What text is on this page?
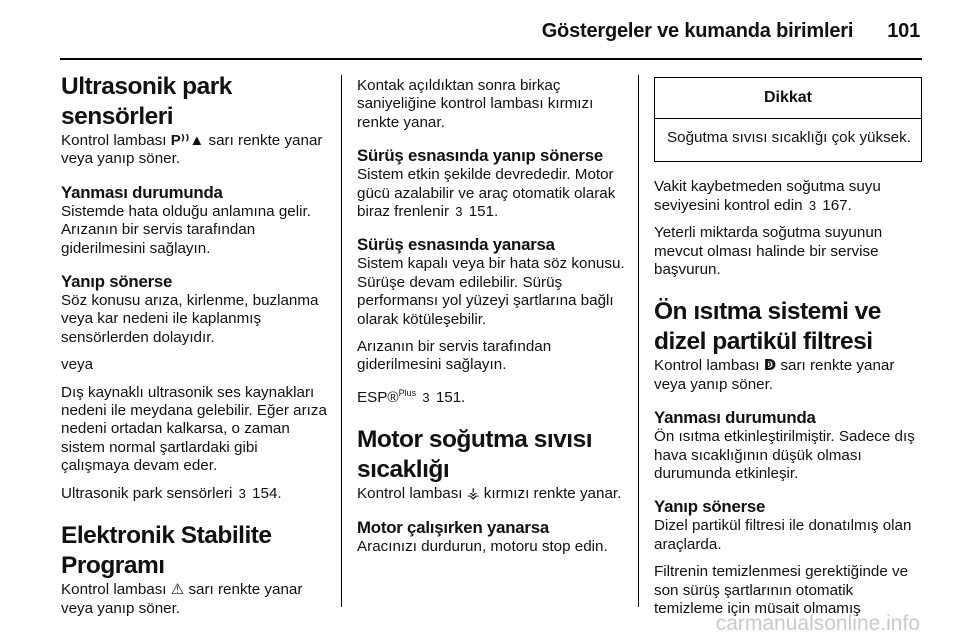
Göstergeler ve kumanda birimleri 101
Ultrasonik park sensörleri

Kontrol lambası P⁾⁾▲ sarı renkte yanar veya yanıp söner.

Yanması durumunda

Sistemde hata olduğu anlamına gelir. Arızanın bir servis tarafından giderilmesini sağlayın.

Yanıp sönerse

Söz konusu arıza, kirlenme, buzlanma veya kar nedeni ile kaplanmış sensörlerden dolayıdır.

veya

Dış kaynaklı ultrasonik ses kaynakları nedeni ile meydana gelebilir. Eğer arıza nedeni ortadan kalkarsa, o zaman sistem normal şartlardaki gibi çalışmaya devam eder.

Ultrasonik park sensörleri 3 154.

Elektronik Stabilite Programı

Kontrol lambası ⚠ sarı renkte yanar veya yanıp söner.

Kontak açıldıktan sonra birkaç saniyeliğine kontrol lambası kırmızı renkte yanar.

Sürüş esnasında yanıp sönerse

Sistem etkin şekilde devrededir. Motor gücü azalabilir ve araç otomatik olarak biraz frenlenir 3 151.

Sürüş esnasında yanarsa

Sistem kapalı veya bir hata söz konusu. Sürüşe devam edilebilir. Sürüş performansı yol yüzeyi şartlarına bağlı olarak kötüleşebilir.

Arızanın bir servis tarafından giderilmesini sağlayın.

ESP®$^{Plus}$ 3 151.

Motor soğutma sıvısı sıcaklığı

Kontrol lambası ⚶ kırmızı renkte yanar.

Motor çalışırken yanarsa

Aracınızı durdurun, motoru stop edin.

Dikkat
Soğutma sıvısı sıcaklığı çok yüksek.

Vakit kaybetmeden soğutma suyu seviyesini kontrol edin 3 167.

Yeterli miktarda soğutma suyunun mevcut olması halinde bir servise başvurun.

Ön ısıtma sistemi ve dizel partikül filtresi

Kontrol lambası ↁ sarı renkte yanar veya yanıp söner.

Yanması durumunda

Ön ısıtma etkinleştirilmiştir. Sadece dış hava sıcaklığının düşük olması durumunda etkinleşir.

Yanıp sönerse

Dizel partikül filtresi ile donatılmış olan araçlarda.

Filtrenin temizlenmesi gerektiğinde ve son sürüş şartlarının otomatik temizleme için müsait olmamış

carmanualsonline.info
